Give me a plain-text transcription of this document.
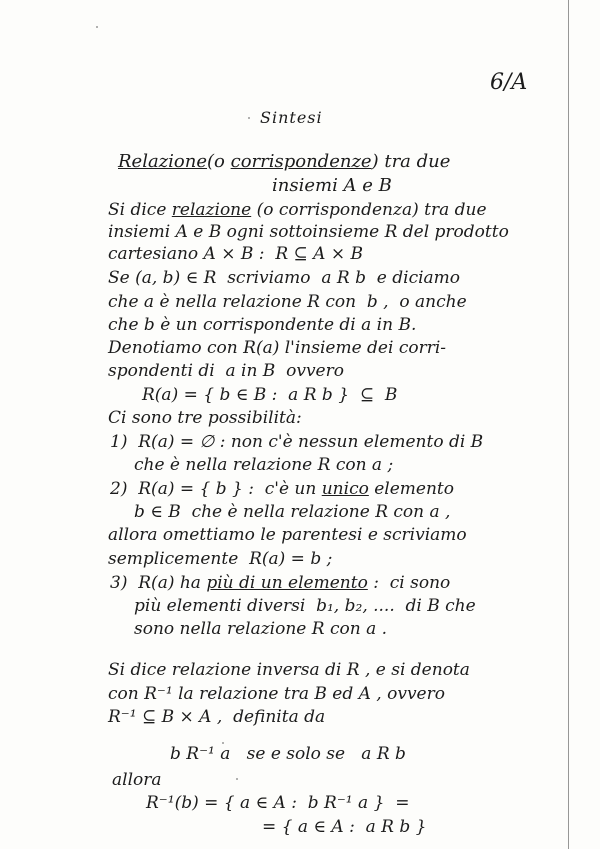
6/A
Sintesi
Relazione(o corrispondenze) tra due
insiemi A e B
Si dice relazione (o corrispondenza) tra due
insiemi A e B ogni sottoinsieme R del prodotto
cartesiano A × B :  R ⊆ A × B
Se (a, b) ∈ R  scriviamo  a R b  e diciamo
che a è nella relazione R con  b ,  o anche
che b è un corrispondente di a in B.
Denotiamo con R(a) l'insieme dei corri-
spondenti di  a in B  ovvero
R(a) = { b ∈ B :  a R b }  ⊆  B
Ci sono tre possibilità:
1)  R(a) = ∅ : non c'è nessun elemento di B
che è nella relazione R con a ;
2)  R(a) = { b } :  c'è un unico elemento
b ∈ B  che è nella relazione R con a ,
allora omettiamo le parentesi e scriviamo
semplicemente  R(a) = b ;
3)  R(a) ha più di un elemento :  ci sono
più elementi diversi  b₁, b₂, ....  di B che
sono nella relazione R con a .
Si dice relazione inversa di R , e si denota
con R⁻¹ la relazione tra B ed A , ovvero
R⁻¹ ⊆ B × A ,  definita da
b R⁻¹ a   se e solo se   a R b
allora
R⁻¹(b) = { a ∈ A :  b R⁻¹ a }  =
= { a ∈ A :  a R b }
